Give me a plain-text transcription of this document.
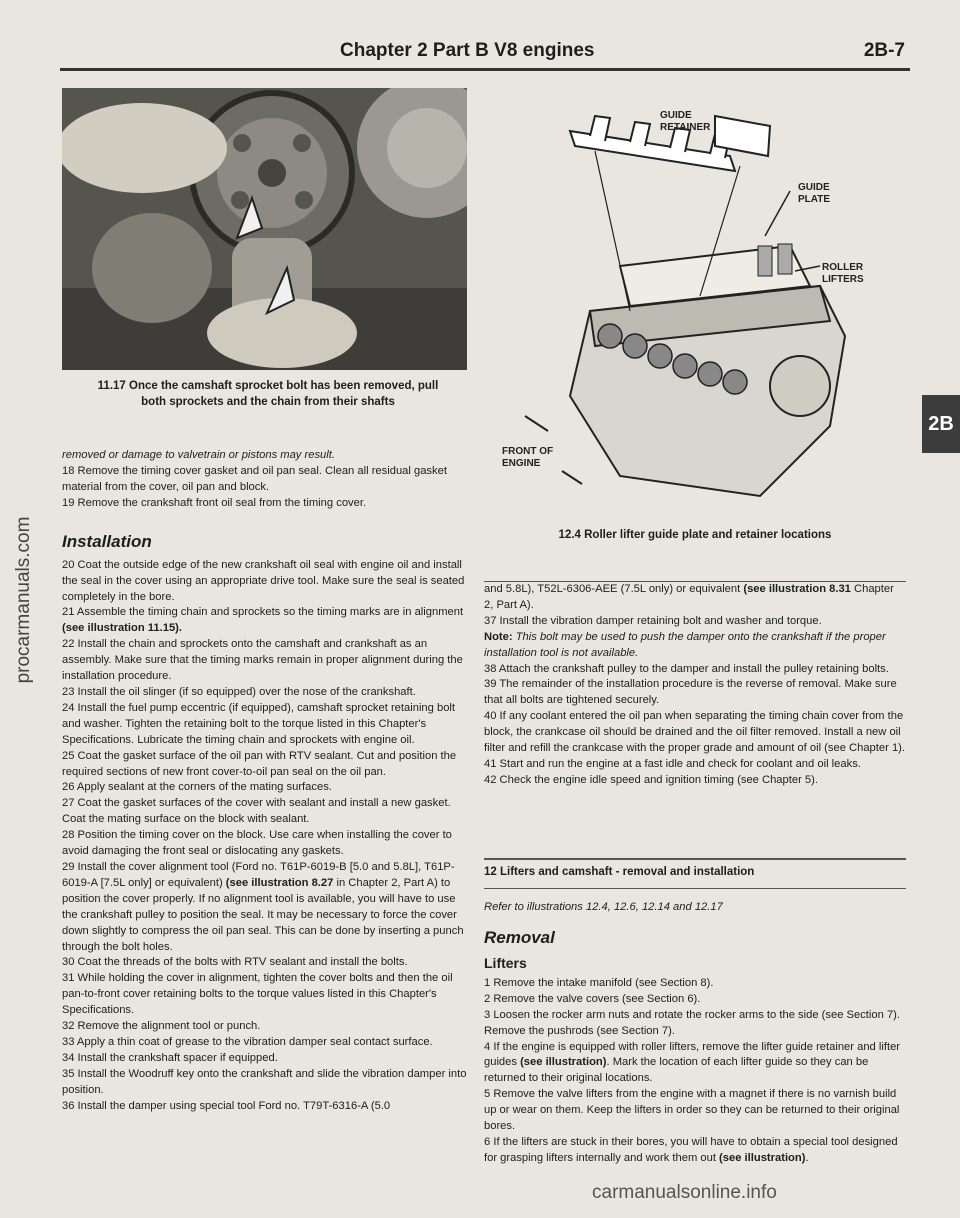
Chapter 2 Part B V8 engines	2B-7
procarmanuals.com
2B
11.17 Once the camshaft sprocket bolt has been removed, pull
both sprockets and the chain from their shafts
GUIDE
RETAINER
GUIDE
PLATE
ROLLER
LIFTERS
FRONT OF
ENGINE
12.4 Roller lifter guide plate and retainer locations

removed or damage to valvetrain or pistons may result.

18 Remove the timing cover gasket and oil pan seal. Clean all residual gasket material from the cover, oil pan and block.

19 Remove the crankshaft front oil seal from the timing cover.

Installation

20 Coat the outside edge of the new crankshaft oil seal with engine oil and install the seal in the cover using an appropriate drive tool. Make sure the seal is seated completely in the bore.

21 Assemble the timing chain and sprockets so the timing marks are in alignment (see illustration 11.15).

22 Install the chain and sprockets onto the camshaft and crankshaft as an assembly. Make sure that the timing marks remain in proper alignment during the installation procedure.

23 Install the oil slinger (if so equipped) over the nose of the crankshaft.

24 Install the fuel pump eccentric (if equipped), camshaft sprocket retaining bolt and washer. Tighten the retaining bolt to the torque listed in this Chapter's Specifications. Lubricate the timing chain and sprockets with engine oil.

25 Coat the gasket surface of the oil pan with RTV sealant. Cut and position the required sections of new front cover-to-oil pan seal on the oil pan.

26 Apply sealant at the corners of the mating surfaces.

27 Coat the gasket surfaces of the cover with sealant and install a new gasket. Coat the mating surface on the block with sealant.

28 Position the timing cover on the block. Use care when installing the cover to avoid damaging the front seal or dislocating any gaskets.

29 Install the cover alignment tool (Ford no. T61P-6019-B [5.0 and 5.8L], T61P-6019-A [7.5L only] or equivalent) (see illustration 8.27 in Chapter 2, Part A) to position the cover properly. If no alignment tool is available, you will have to use the crankshaft pulley to position the seal. It may be necessary to force the cover down slightly to compress the oil pan seal. This can be done by inserting a punch through the bolt holes.

30 Coat the threads of the bolts with RTV sealant and install the bolts.

31 While holding the cover in alignment, tighten the cover bolts and then the oil pan-to-front cover retaining bolts to the torque values listed in this Chapter's Specifications.

32 Remove the alignment tool or punch.

33 Apply a thin coat of grease to the vibration damper seal contact surface.

34 Install the crankshaft spacer if equipped.

35 Install the Woodruff key onto the crankshaft and slide the vibration damper into position.

36 Install the damper using special tool Ford no. T79T-6316-A (5.0

and 5.8L), T52L-6306-AEE (7.5L only) or equivalent (see illustration 8.31 Chapter 2, Part A).

37 Install the vibration damper retaining bolt and washer and torque.

Note: This bolt may be used to push the damper onto the crankshaft if the proper installation tool is not available.

38 Attach the crankshaft pulley to the damper and install the pulley retaining bolts.

39 The remainder of the installation procedure is the reverse of removal. Make sure that all bolts are tightened securely.

40 If any coolant entered the oil pan when separating the timing chain cover from the block, the crankcase oil should be drained and the oil filter removed. Install a new oil filter and refill the crankcase with the proper grade and amount of oil (see Chapter 1).

41 Start and run the engine at a fast idle and check for coolant and oil leaks.

42 Check the engine idle speed and ignition timing (see Chapter 5).

12 Lifters and camshaft - removal and installation

Refer to illustrations 12.4, 12.6, 12.14 and 12.17

Removal

Lifters

1 Remove the intake manifold (see Section 8).

2 Remove the valve covers (see Section 6).

3 Loosen the rocker arm nuts and rotate the rocker arms to the side (see Section 7). Remove the pushrods (see Section 7).

4 If the engine is equipped with roller lifters, remove the lifter guide retainer and lifter guides (see illustration). Mark the location of each lifter guide so they can be returned to their original locations.

5 Remove the valve lifters from the engine with a magnet if there is no varnish build up or wear on them. Keep the lifters in order so they can be returned to their original bores.

6 If the lifters are stuck in their bores, you will have to obtain a special tool designed for grasping lifters internally and work them out (see illustration).

carmanualsonline.info
